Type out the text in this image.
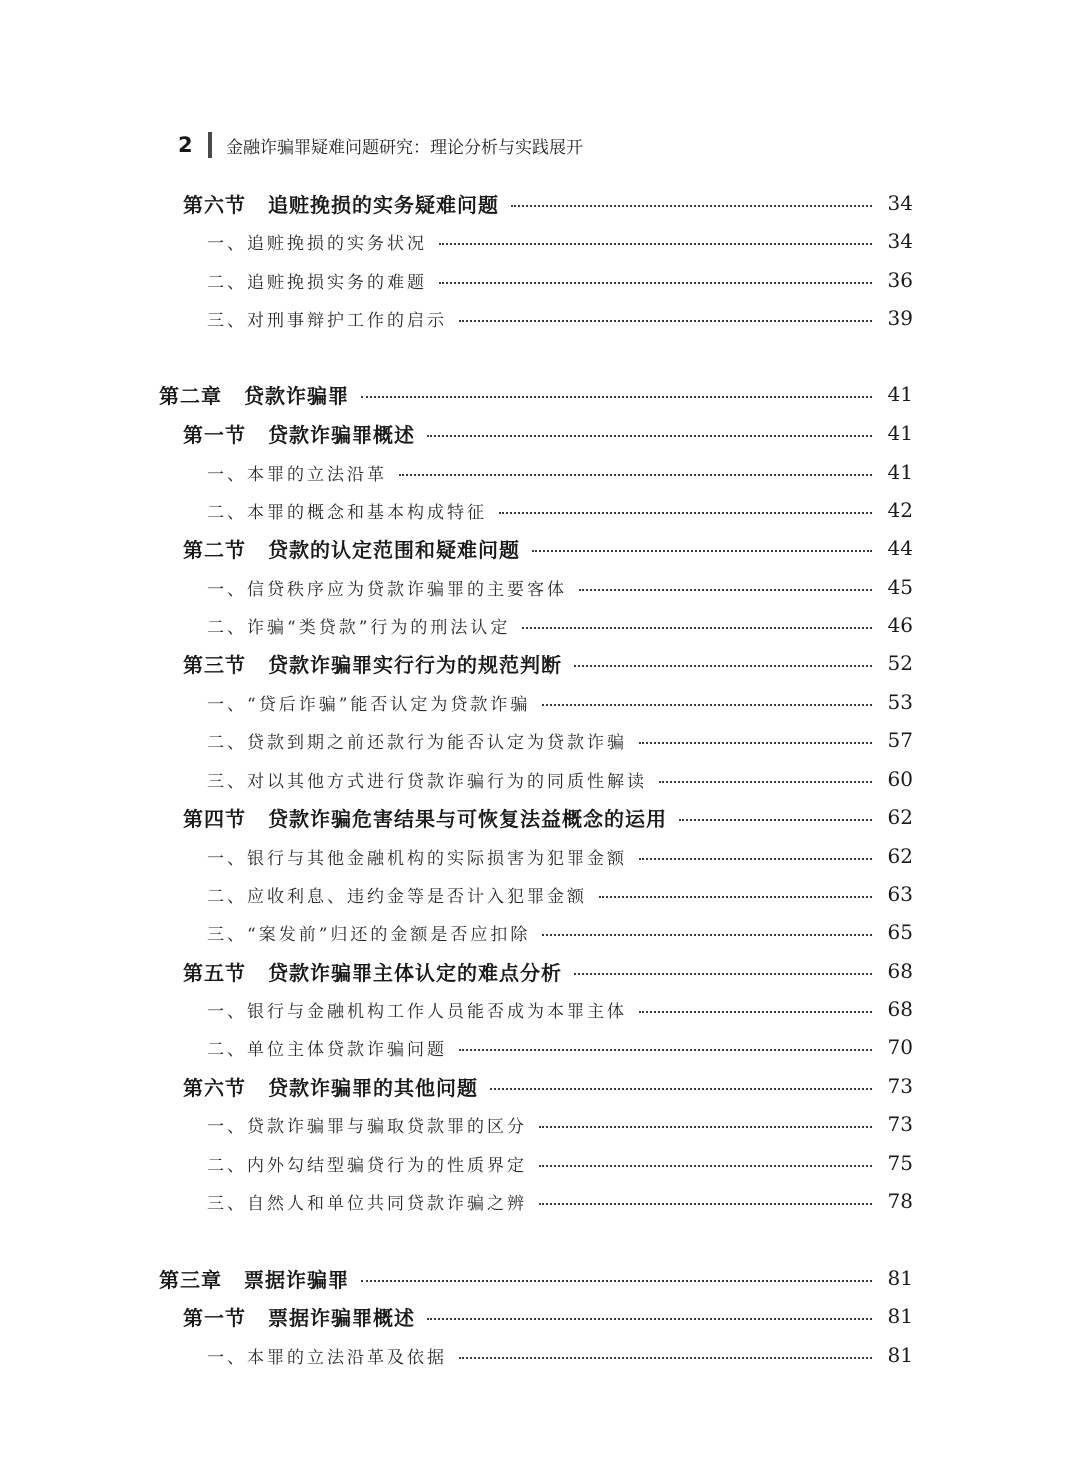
2	金融诈骗罪疑难问题研究：理论分析与实践展开
第六节 追赃挽损的实务疑难问题	34
一、追赃挽损的实务状况	34
二、追赃挽损实务的难题	36
三、对刑事辩护工作的启示	39
第二章 贷款诈骗罪	41
第一节 贷款诈骗罪概述	41
一、本罪的立法沿革	41
二、本罪的概念和基本构成特征	42
第二节 贷款的认定范围和疑难问题	44
一、信贷秩序应为贷款诈骗罪的主要客体	45
二、诈骗“类贷款”行为的刑法认定	46
第三节 贷款诈骗罪实行行为的规范判断	52
一、“贷后诈骗”能否认定为贷款诈骗	53
二、贷款到期之前还款行为能否认定为贷款诈骗	57
三、对以其他方式进行贷款诈骗行为的同质性解读	60
第四节 贷款诈骗危害结果与可恢复法益概念的运用	62
一、银行与其他金融机构的实际损害为犯罪金额	62
二、应收利息、违约金等是否计入犯罪金额	63
三、“案发前”归还的金额是否应扣除	65
第五节 贷款诈骗罪主体认定的难点分析	68
一、银行与金融机构工作人员能否成为本罪主体	68
二、单位主体贷款诈骗问题	70
第六节 贷款诈骗罪的其他问题	73
一、贷款诈骗罪与骗取贷款罪的区分	73
二、内外勾结型骗贷行为的性质界定	75
三、自然人和单位共同贷款诈骗之辨	78
第三章 票据诈骗罪	81
第一节 票据诈骗罪概述	81
一、本罪的立法沿革及依据	81
